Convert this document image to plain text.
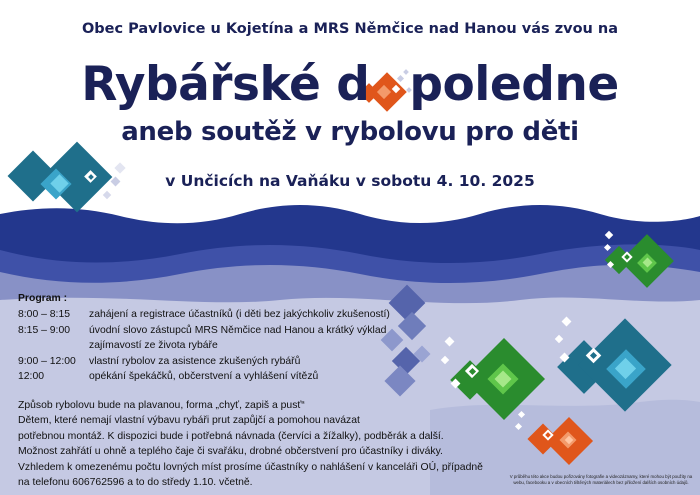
Obec Pavlovice u Kojetína a MRS Němčice nad Hanou vás zvou na
Rybářské d poledne
aneb soutěž v rybolovu pro děti
v Unčicích na Vaňáku v sobotu 4. 10. 2025
Program :
8:00 – 8:15	zahájení a registrace účastníků (i děti bez jakýchkoliv zkušeností)
8:15 – 9:00	úvodní slovo zástupců MRS Němčice nad Hanou a krátký výklad
zajímavostí ze života rybáře
9:00 – 12:00	vlastní rybolov za asistence zkušených rybářů
12:00	opékání špekáčků, občerstvení a vyhlášení vítězů
Způsob rybolovu bude na plavanou, forma „chyť, zapiš a pusť“
Dětem, které nemají vlastní výbavu rybáři prut zapůjčí a pomohou navázat
potřebnou montáž. K dispozici bude i potřebná návnada (červíci a žížalky), podběrák a další.
Možnost zahřátí u ohně a teplého čaje či svařáku, drobné občerstvení pro účastníky i diváky.
Vzhledem k omezenému počtu lovných míst prosíme účastníky o nahlášení v kanceláři OÚ, případně
na telefonu 606762596 a to do středy 1.10. včetně.
V průběhu této akce budou pořizovány fotografie a videozáznamy, které mohou být použity na webu, facebooku a v obecních tištěných materiálech bez přiložení dalších osobních údajů.
